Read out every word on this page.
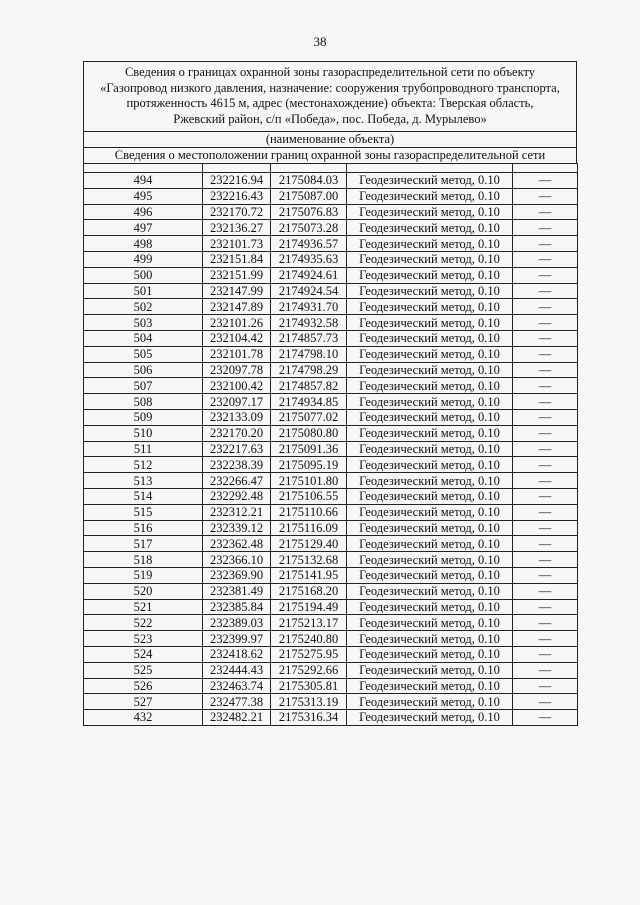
38
Сведения о границах охранной зоны газораспределительной сети по объекту
«Газопровод низкого давления, назначение: сооружения трубопроводного транспорта,
протяженность 4615 м, адрес (местонахождение) объекта: Тверская область,
Ржевский район, с/п «Победа», пос. Победа, д. Мурылево»
(наименование объекта)
Сведения о местоположении границ охранной зоны газораспределительной сети

494	232216.94	2175084.03	Геодезический метод, 0.10	—
495	232216.43	2175087.00	Геодезический метод, 0.10	—
496	232170.72	2175076.83	Геодезический метод, 0.10	—
497	232136.27	2175073.28	Геодезический метод, 0.10	—
498	232101.73	2174936.57	Геодезический метод, 0.10	—
499	232151.84	2174935.63	Геодезический метод, 0.10	—
500	232151.99	2174924.61	Геодезический метод, 0.10	—
501	232147.99	2174924.54	Геодезический метод, 0.10	—
502	232147.89	2174931.70	Геодезический метод, 0.10	—
503	232101.26	2174932.58	Геодезический метод, 0.10	—
504	232104.42	2174857.73	Геодезический метод, 0.10	—
505	232101.78	2174798.10	Геодезический метод, 0.10	—
506	232097.78	2174798.29	Геодезический метод, 0.10	—
507	232100.42	2174857.82	Геодезический метод, 0.10	—
508	232097.17	2174934.85	Геодезический метод, 0.10	—
509	232133.09	2175077.02	Геодезический метод, 0.10	—
510	232170.20	2175080.80	Геодезический метод, 0.10	—
511	232217.63	2175091.36	Геодезический метод, 0.10	—
512	232238.39	2175095.19	Геодезический метод, 0.10	—
513	232266.47	2175101.80	Геодезический метод, 0.10	—
514	232292.48	2175106.55	Геодезический метод, 0.10	—
515	232312.21	2175110.66	Геодезический метод, 0.10	—
516	232339.12	2175116.09	Геодезический метод, 0.10	—
517	232362.48	2175129.40	Геодезический метод, 0.10	—
518	232366.10	2175132.68	Геодезический метод, 0.10	—
519	232369.90	2175141.95	Геодезический метод, 0.10	—
520	232381.49	2175168.20	Геодезический метод, 0.10	—
521	232385.84	2175194.49	Геодезический метод, 0.10	—
522	232389.03	2175213.17	Геодезический метод, 0.10	—
523	232399.97	2175240.80	Геодезический метод, 0.10	—
524	232418.62	2175275.95	Геодезический метод, 0.10	—
525	232444.43	2175292.66	Геодезический метод, 0.10	—
526	232463.74	2175305.81	Геодезический метод, 0.10	—
527	232477.38	2175313.19	Геодезический метод, 0.10	—
432	232482.21	2175316.34	Геодезический метод, 0.10	—
